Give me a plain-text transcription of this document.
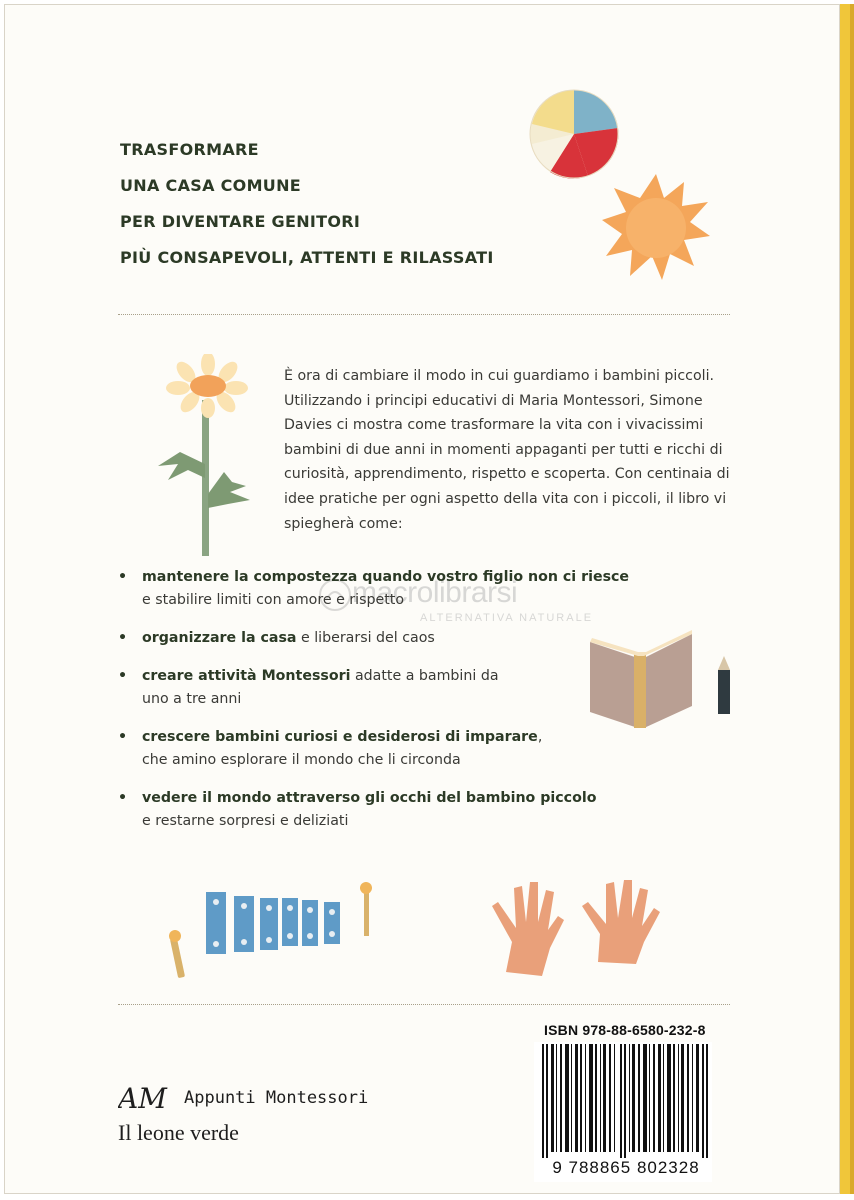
TRASFORMARE
UNA CASA COMUNE
PER DIVENTARE GENITORI
PIÙ CONSAPEVOLI, ATTENTI E RILASSATI

È ora di cambiare il modo in cui guardiamo i bambini piccoli. Utilizzando i principi educativi di Maria Montessori, Simone Davies ci mostra come trasformare la vita con i vivacissimi bambini di due anni in momenti appaganti per tutti e ricchi di curiosità, apprendimento, rispetto e scoperta. Con centinaia di idee pratiche per ogni aspetto della vita con i piccoli, il libro vi spiegherà come:

macrolibrarsi
ALTERNATIVA NATURALE
• mantenere la compostezza quando vostro figlio non ci riesce
e stabilire limiti con amore e rispetto
• organizzare la casa e liberarsi del caos
• creare attività Montessori adatte a bambini da uno a tre anni
• crescere bambini curiosi e desiderosi di imparare, che amino esplorare il mondo che li circonda
• vedere il mondo attraverso gli occhi del bambino piccolo
e restarne sorpresi e deliziati
ISBN 978-88-6580-232-8
9 788865 802328
AM Appunti Montessori
Il leone verde
